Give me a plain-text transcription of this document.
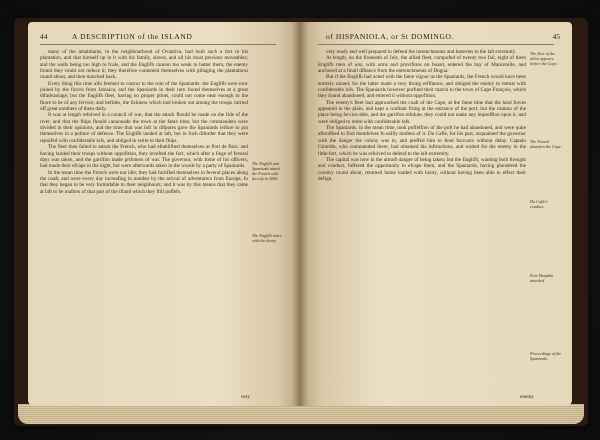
44	A DESCRIPTION of the ISLAND

many of the inhabitants, in the neighbourhood of Ovantiva, had built such a fort in his plantation, and that himself up in it with his family, slaves, and all his most precious moveables; and the walls being too high to fcale, and the Englifh cannon too weak to batter them, the enemy found they could not reduce it; they therefore contented themselves with pillaging the plantations round about, and then marched back.

Every thing this time alfo feemed to concur to the ruin of the Spaniards: the Englifh were now joined by the forces from Jamaica, and the Spaniards in their turn found themselves at a great difadvantage; but the Englifh fleet, having no proper pilots, could not come near enough to the fhore to be of any fervice; and befides, the fickness which had broken out among the troops carried off great numbers of them daily.

It was at length refolved in a council of war, that the attack fhould be made on the fide of the river, and that the fhips fhould cannonade the town at the fame time; but the commanders were divided in their opinions, and the time that was loft in difputes gave the Spaniards leifure to put themselves in a poſture of defence. The Englifh landed at laft, but in fuch diforder that they were repulfed with confiderable lofs, and obliged to retire to their fhips.

The fleet then failed to attack the French, who had eftablifhed themselves at Port de Paix; and having landed their troops without oppofition, they invefted the fort, which after a fiege of feveral days was taken, and the garrifon made prifoners of war. The governor, with fome of his officers, had made their efcape in the night, but were afterwards taken in the woods by a party of Spaniards.

In the mean time the French were not idle; they had fortified themselves in feveral places along the coaſt, and were every day increafing in number by the arrival of adventurers from Europe, fo that they began to be very formidable to their neighbours; and it was by this means that they came at laft to be mafters of that part of the ifland which they ftill poffefs.

The Englifh and Spaniards attack the French with fuccefs in 1690.
The Englifh retire with the booty.
very
45
of HISPANIOLA, or St DOMINGO.

very ready and well prepared to defend the intrenchments and batteries to the laſt extremity.

At length, on the fixteenth of July, the allied fleet, compofed of twenty two fail, eight of them Englifh men of war, with arms and provifions on board, entered the bay of Mancenille, and anchored at a fmall diftance from the entrenchments of Dugua.

But if the Englifh had acted with the fame vigour as the Spaniards, the French would have been entirely ruined; for the latter made a very ſtrong refiftance, and obliged the enemy to retreat with confiderable lofs. The Spaniards however purfued their march to the town of Cape François, which they found abandoned, and entered it without oppofition.

The enemy's fleet had approached the coaſt of the Cape, at the fame time that the land forces appeared in the plain, and kept a conftant firing at the entrance of the port; but the cannon of the place being ſervice-able, and the garrifon refolute, they could not make any impreffion upon it, and were obliged to retire with confiderable lofs.

The Spaniards, in the mean time, took poffeffion of the poft he had abandoned, and were quite aftonifhed to find themfelves fo eafily mafters of it. Du Cafle, for his part, acquainted the governor with the danger the colony was in, and preffed him to fend fuccours without delay. Captain Girardin, who commanded there, had obtained his inftructions, and waited for the enemy in the little fort, which he was refolved to defend to the laſt extremity.

The capital was now in the utmoſt danger of being taken; but the Englifh, wanting both ftrength and conduct, fuffered the opportunity to efcape them, and the Spaniards, having plundered the country round about, returned home loaded with booty, without having been able to effect their defign.

The fleet of the allies appears before the Cape.
The French abandon the Cape.
Du Cafle's conduct.
Fort Dauphin attacked.
Proceedings of the Spaniards.
enemy
